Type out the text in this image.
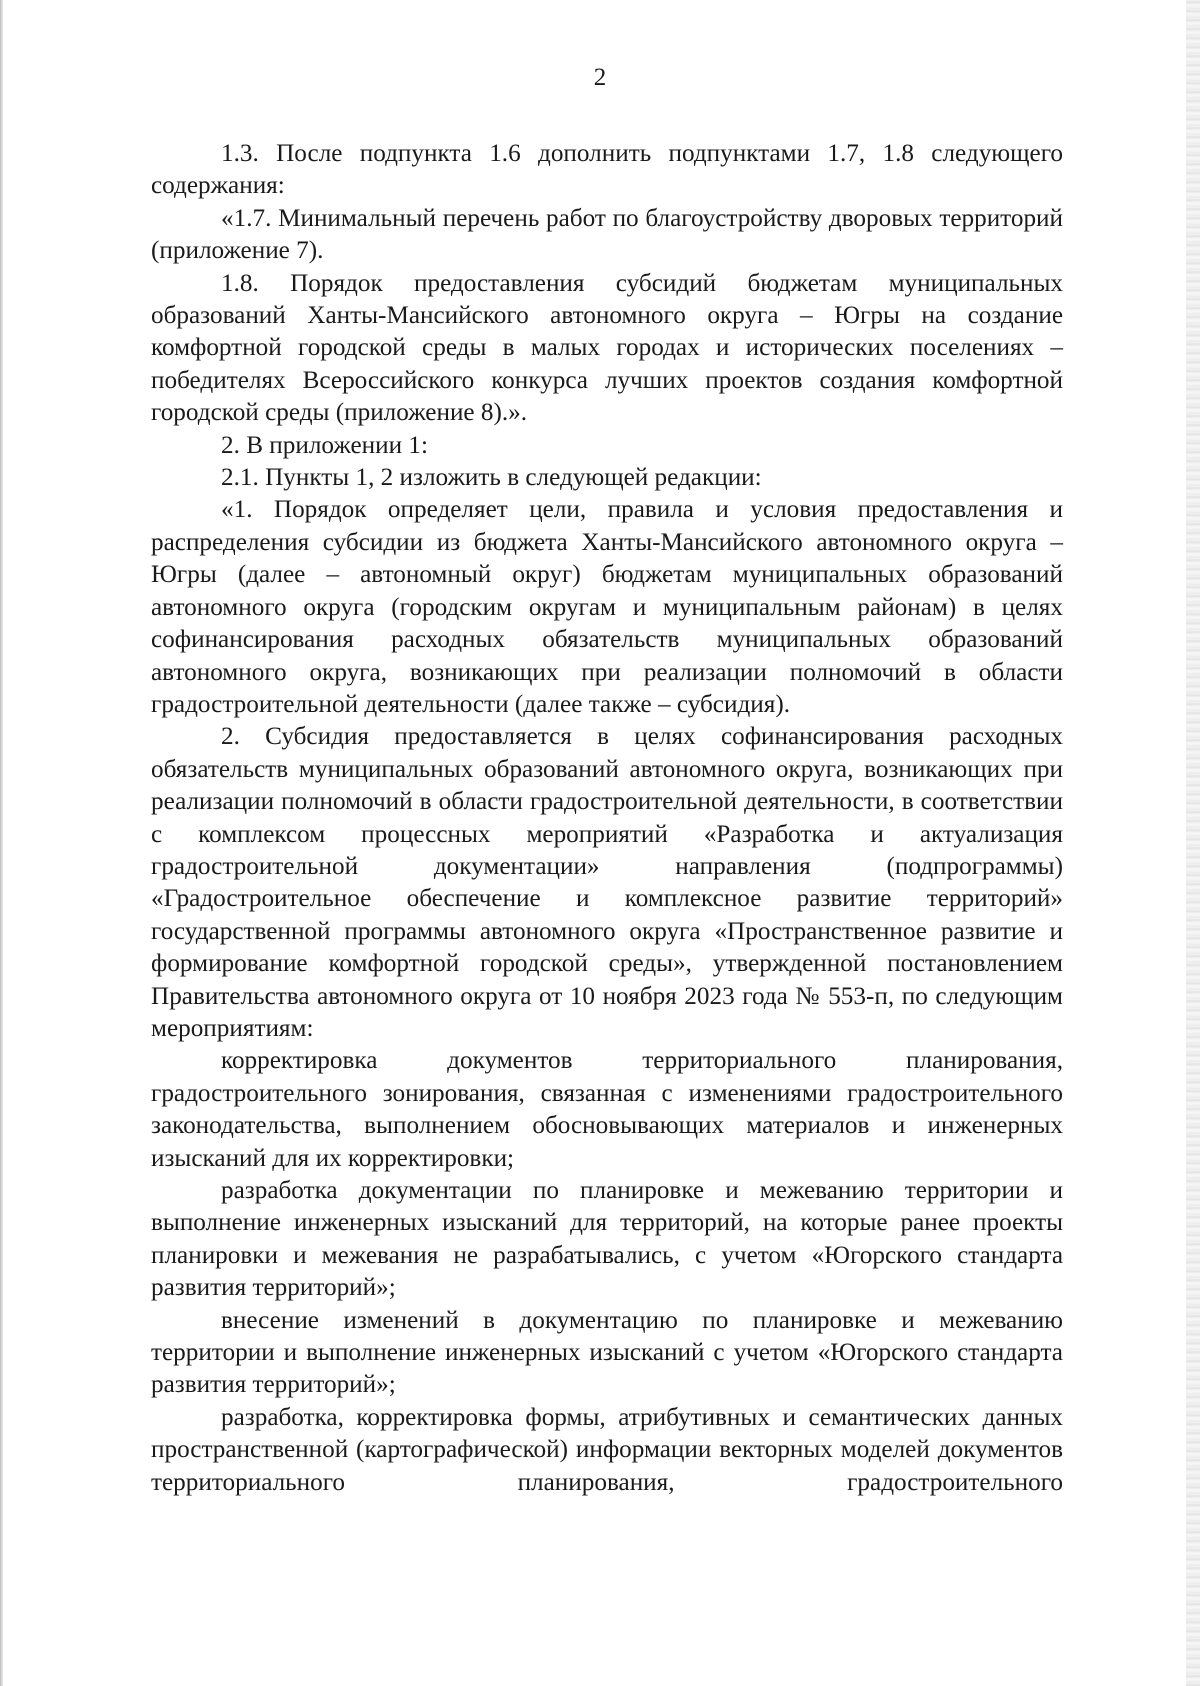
2

1.3. После подпункта 1.6 дополнить подпунктами 1.7, 1.8 следующего содержания:

«1.7. Минимальный перечень работ по благоустройству дворовых территорий (приложение 7).

1.8. Порядок предоставления субсидий бюджетам муниципальных образований Ханты-Мансийского автономного округа – Югры на создание комфортной городской среды в малых городах и исторических поселениях – победителях Всероссийского конкурса лучших проектов создания комфортной городской среды (приложение 8).».

2. В приложении 1:

2.1. Пункты 1, 2 изложить в следующей редакции:

«1. Порядок определяет цели, правила и условия предоставления и распределения субсидии из бюджета Ханты-Мансийского автономного округа – Югры (далее – автономный округ) бюджетам муниципальных образований автономного округа (городским округам и муниципальным районам) в целях софинансирования расходных обязательств муниципальных образований автономного округа, возникающих при реализации полномочий в области градостроительной деятельности (далее также – субсидия).

2. Субсидия предоставляется в целях софинансирования расходных обязательств муниципальных образований автономного округа, возникающих при реализации полномочий в области градостроительной деятельности, в соответствии с комплексом процессных мероприятий «Разработка и актуализация градостроительной документации» направления (подпрограммы) «Градостроительное обеспечение и комплексное развитие территорий» государственной программы автономного округа «Пространственное развитие и формирование комфортной городской среды», утвержденной постановлением Правительства автономного округа от 10 ноября 2023 года № 553-п, по следующим мероприятиям:

корректировка документов территориального планирования, градостроительного зонирования, связанная с изменениями градостроительного законодательства, выполнением обосновывающих материалов и инженерных изысканий для их корректировки;

разработка документации по планировке и межеванию территории и выполнение инженерных изысканий для территорий, на которые ранее проекты планировки и межевания не разрабатывались, с учетом «Югорского стандарта развития территорий»;

внесение изменений в документацию по планировке и межеванию территории и выполнение инженерных изысканий с учетом «Югорского стандарта развития территорий»;

разработка, корректировка формы, атрибутивных и семантических данных пространственной (картографической) информации векторных моделей документов территориального планирования, градостроительного
